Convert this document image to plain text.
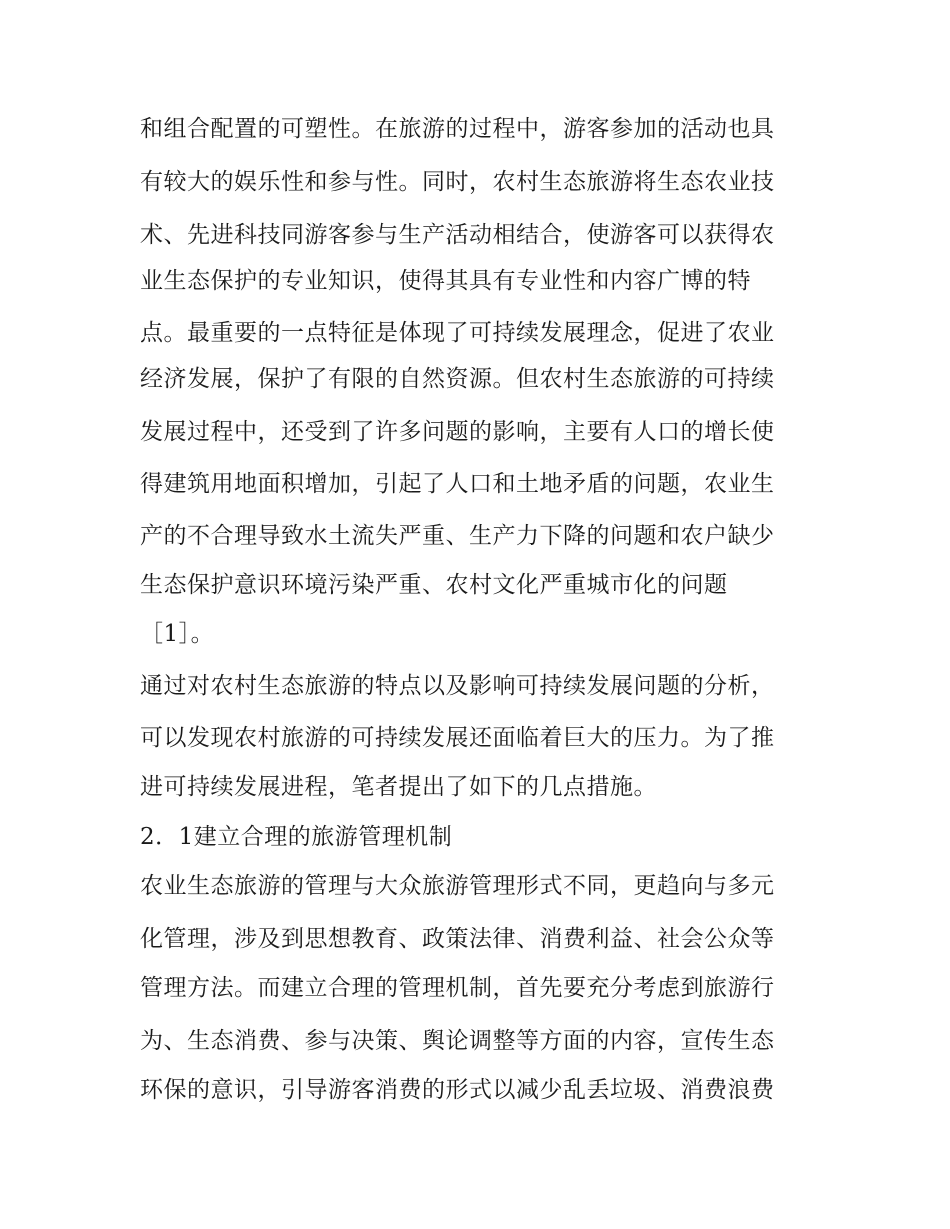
和组合配置的可塑性。在旅游的过程中，游客参加的活动也具
有较大的娱乐性和参与性。同时，农村生态旅游将生态农业技
术、先进科技同游客参与生产活动相结合，使游客可以获得农
业生态保护的专业知识，使得其具有专业性和内容广博的特
点。最重要的一点特征是体现了可持续发展理念，促进了农业
经济发展，保护了有限的自然资源。但农村生态旅游的可持续
发展过程中，还受到了许多问题的影响，主要有人口的增长使
得建筑用地面积增加，引起了人口和土地矛盾的问题，农业生
产的不合理导致水土流失严重、生产力下降的问题和农户缺少
生态保护意识环境污染严重、农村文化严重城市化的问题
［1］。
通过对农村生态旅游的特点以及影响可持续发展问题的分析，
可以发现农村旅游的可持续发展还面临着巨大的压力。为了推
进可持续发展进程，笔者提出了如下的几点措施。
2．1建立合理的旅游管理机制
农业生态旅游的管理与大众旅游管理形式不同，更趋向与多元
化管理，涉及到思想教育、政策法律、消费利益、社会公众等
管理方法。而建立合理的管理机制，首先要充分考虑到旅游行
为、生态消费、参与决策、舆论调整等方面的内容，宣传生态
环保的意识，引导游客消费的形式以减少乱丢垃圾、消费浪费
